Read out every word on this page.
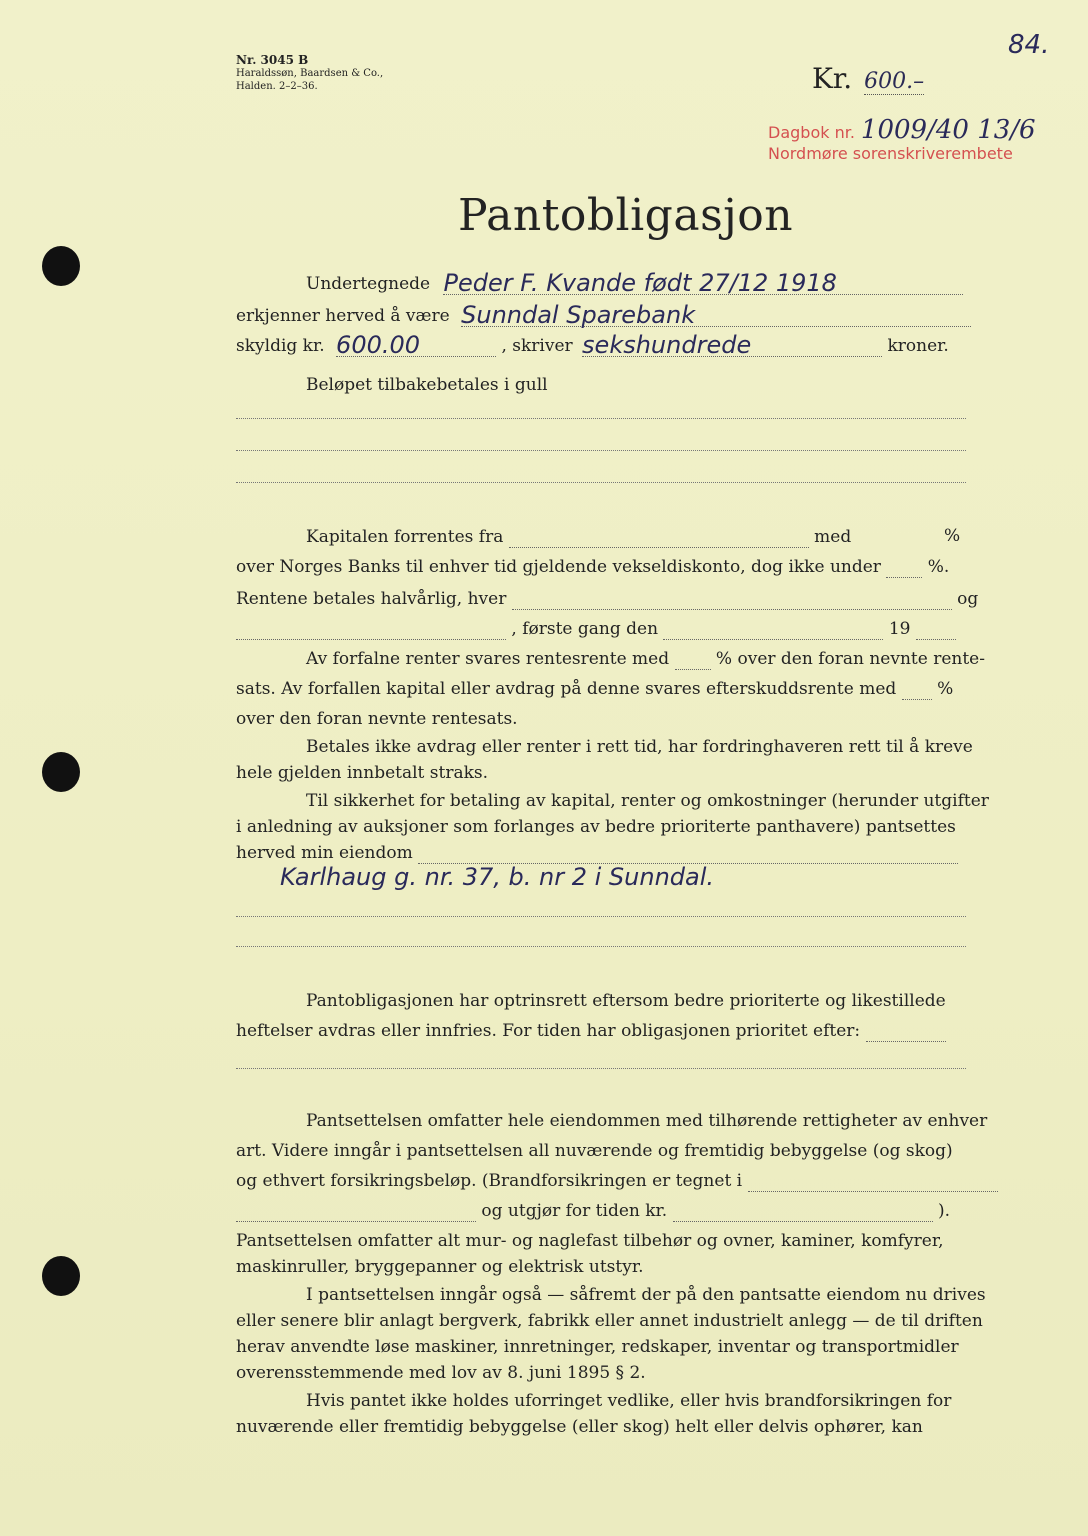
Nr. 3045 B
Haraldssøn, Baardsen & Co.,
Halden. 2–2–36.
84.
Kr. 600.–
Dagbok nr. 1009/40 13/6
Nordmøre sorenskriverembete
Pantobligasjon
Undertegnede Peder F. Kvande født 27/12 1918
erkjenner herved å være Sunndal Sparebank
skyldig kr. 600.00	, skriver sekshundrede	kroner.
Beløpet tilbakebetales i gull
Kapitalen forrentes fra	med	%
over Norges Banks til enhver tid gjeldende vekseldiskonto, dog ikke under	%.
Rentene betales halvårlig, hver	og
, første gang den	19
Av forfalne renter svares rentesrente med	% over den foran nevnte rente-
sats. Av forfallen kapital eller avdrag på denne svares efterskuddsrente med %
over den foran nevnte rentesats.
Betales ikke avdrag eller renter i rett tid, har fordringhaveren rett til å kreve
hele gjelden innbetalt straks.
Til sikkerhet for betaling av kapital, renter og omkostninger (herunder utgifter
i anledning av auksjoner som forlanges av bedre prioriterte panthavere) pantsettes
herved min eiendom
Karlhaug g. nr. 37, b. nr 2 i Sunndal.
Pantobligasjonen har optrinsrett eftersom bedre prioriterte og likestillede
heftelser avdras eller innfries. For tiden har obligasjonen prioritet efter:
Pantsettelsen omfatter hele eiendommen med tilhørende rettigheter av enhver
art. Videre inngår i pantsettelsen all nuværende og fremtidig bebyggelse (og skog)
og ethvert forsikringsbeløp. (Brandforsikringen er tegnet i
og utgjør for tiden kr.	).
Pantsettelsen omfatter alt mur- og naglefast tilbehør og ovner, kaminer, komfyrer,
maskinruller, bryggepanner og elektrisk utstyr.
I pantsettelsen inngår også — såfremt der på den pantsatte eiendom nu drives
eller senere blir anlagt bergverk, fabrikk eller annet industrielt anlegg — de til driften
herav anvendte løse maskiner, innretninger, redskaper, inventar og transportmidler
overensstemmende med lov av 8. juni 1895 § 2.
Hvis pantet ikke holdes uforringet vedlike, eller hvis brandforsikringen for
nuværende eller fremtidig bebyggelse (eller skog) helt eller delvis ophører, kan
